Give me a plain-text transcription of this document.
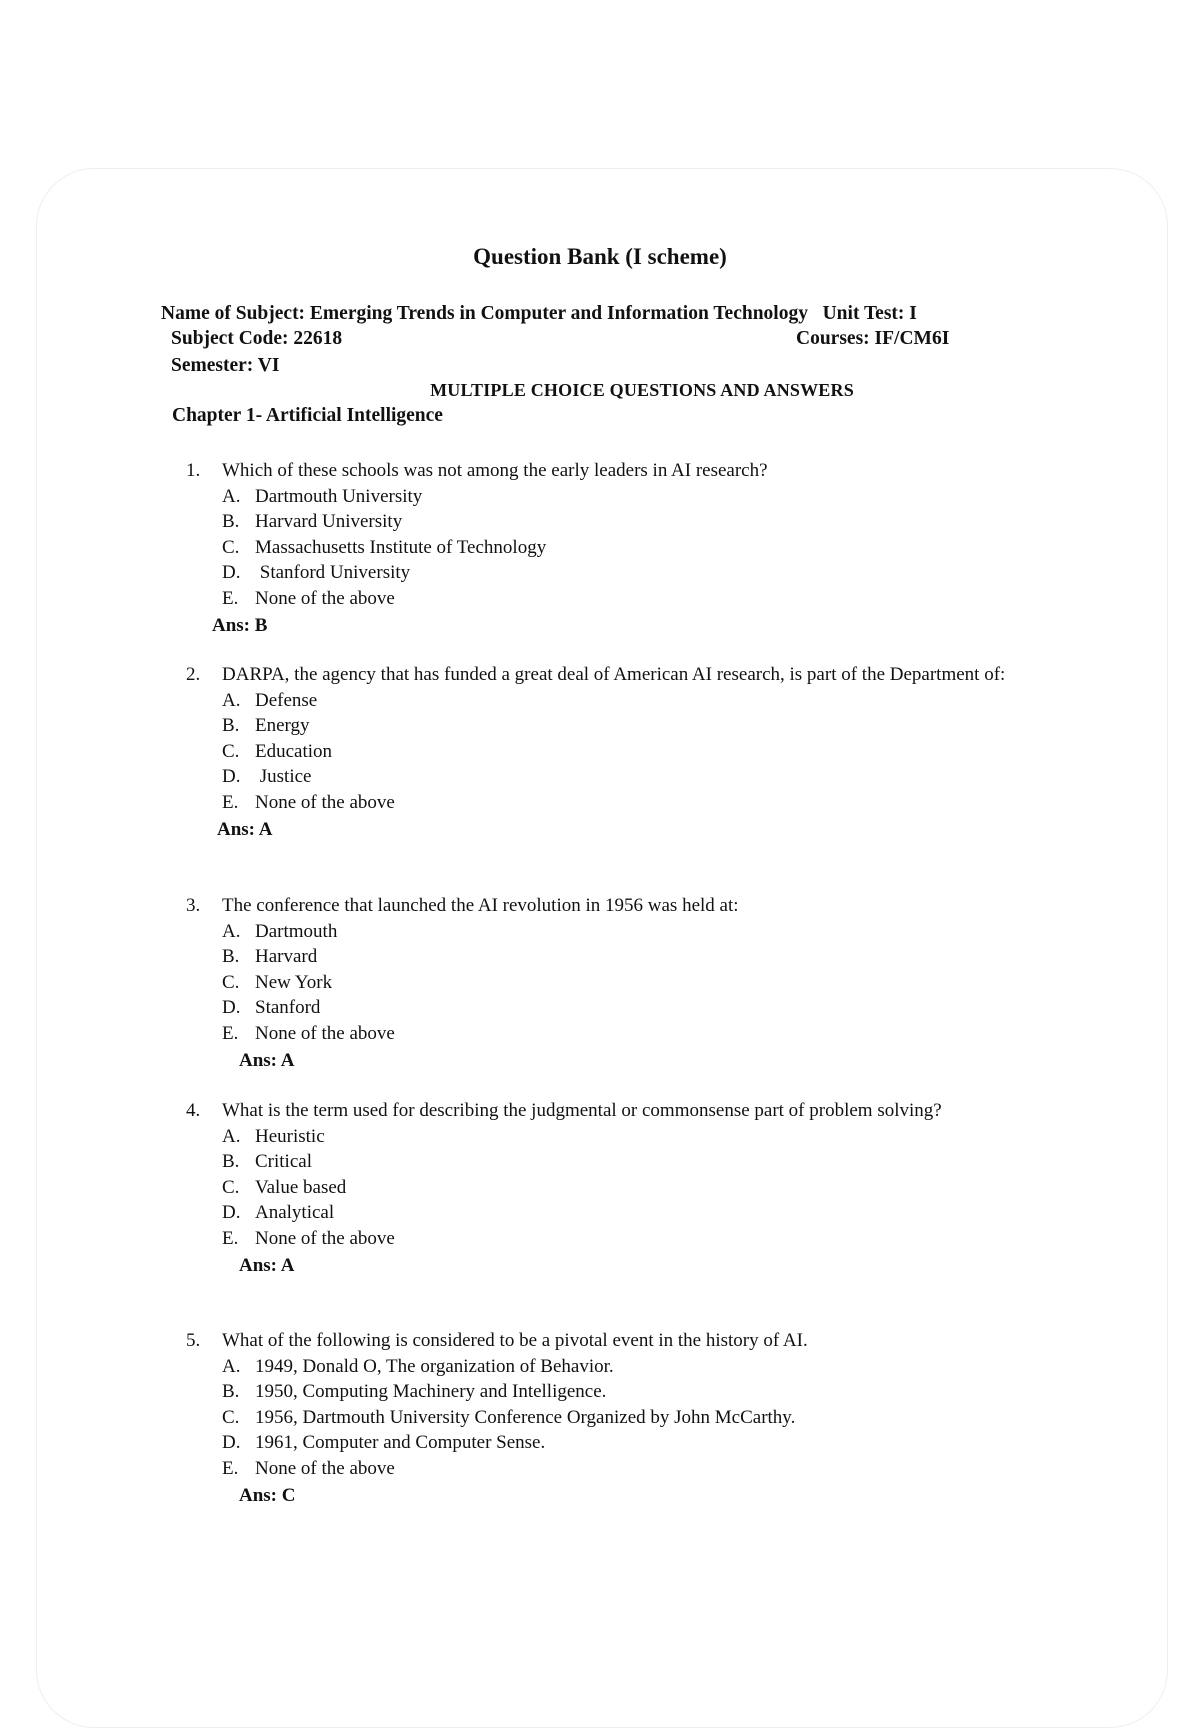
Question Bank (I scheme)

Name of Subject: Emerging Trends in Computer and Information Technology   Unit Test: I

Subject Code: 22618	Courses: IF/CM6I

Semester: VI

MULTIPLE CHOICE QUESTIONS AND ANSWERS

Chapter 1- Artificial Intelligence

1.	Which of these schools was not among the early leaders in AI research?
A. Dartmouth University
B. Harvard University
C. Massachusetts Institute of Technology
D. Stanford University
E. None of the above
Ans: B
2.	DARPA, the agency that has funded a great deal of American AI research, is part of the Department of:
A. Defense
B. Energy
C. Education
D. Justice
E. None of the above
Ans: A
3.	The conference that launched the AI revolution in 1956 was held at:
A. Dartmouth
B. Harvard
C. New York
D. Stanford
E. None of the above
Ans: A
4.	What is the term used for describing the judgmental or commonsense part of problem solving?
A. Heuristic
B. Critical
C. Value based
D. Analytical
E. None of the above
Ans: A
5.	What of the following is considered to be a pivotal event in the history of AI.
A. 1949, Donald O, The organization of Behavior.
B. 1950, Computing Machinery and Intelligence.
C. 1956, Dartmouth University Conference Organized by John McCarthy.
D. 1961, Computer and Computer Sense.
E. None of the above
Ans: C
